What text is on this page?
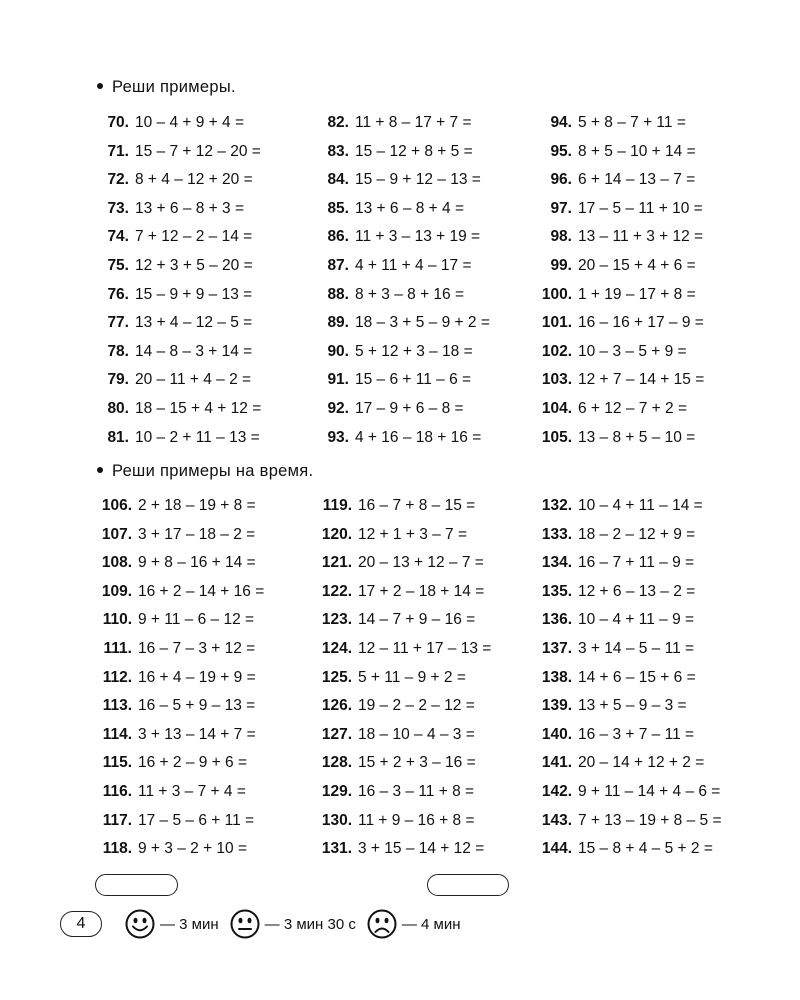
Реши примеры.
70. 10 – 4 + 9 + 4 =
71. 15 – 7 + 12 – 20 =
72. 8 + 4 – 12 + 20 =
73. 13 + 6 – 8 + 3 =
74. 7 + 12 – 2 – 14 =
75. 12 + 3 + 5 – 20 =
76. 15 – 9 + 9 – 13 =
77. 13 + 4 – 12 – 5 =
78. 14 – 8 – 3 + 14 =
79. 20 – 11 + 4 – 2 =
80. 18 – 15 + 4 + 12 =
81. 10 – 2 + 11 – 13 =
82. 11 + 8 – 17 + 7 =
83. 15 – 12 + 8 + 5 =
84. 15 – 9 + 12 – 13 =
85. 13 + 6 – 8 + 4 =
86. 11 + 3 – 13 + 19 =
87. 4 + 11 + 4 – 17 =
88. 8 + 3 – 8 + 16 =
89. 18 – 3 + 5 – 9 + 2 =
90. 5 + 12 + 3 – 18 =
91. 15 – 6 + 11 – 6 =
92. 17 – 9 + 6 – 8 =
93. 4 + 16 – 18 + 16 =
94. 5 + 8 – 7 + 11 =
95. 8 + 5 – 10 + 14 =
96. 6 + 14 – 13 – 7 =
97. 17 – 5 – 11 + 10 =
98. 13 – 11 + 3 + 12 =
99. 20 – 15 + 4 + 6 =
100. 1 + 19 – 17 + 8 =
101. 16 – 16 + 17 – 9 =
102. 10 – 3 – 5 + 9 =
103. 12 + 7 – 14 + 15 =
104. 6 + 12 – 7 + 2 =
105. 13 – 8 + 5 – 10 =
Реши примеры на время.
106. 2 + 18 – 19 + 8 =
107. 3 + 17 – 18 – 2 =
108. 9 + 8 – 16 + 14 =
109. 16 + 2 – 14 + 16 =
110. 9 + 11 – 6 – 12 =
111. 16 – 7 – 3 + 12 =
112. 16 + 4 – 19 + 9 =
113. 16 – 5 + 9 – 13 =
114. 3 + 13 – 14 + 7 =
115. 16 + 2 – 9 + 6 =
116. 11 + 3 – 7 + 4 =
117. 17 – 5 – 6 + 11 =
118. 9 + 3 – 2 + 10 =
119. 16 – 7 + 8 – 15 =
120. 12 + 1 + 3 – 7 =
121. 20 – 13 + 12 – 7 =
122. 17 + 2 – 18 + 14 =
123. 14 – 7 + 9 – 16 =
124. 12 – 11 + 17 – 13 =
125. 5 + 11 – 9 + 2 =
126. 19 – 2 – 2 – 12 =
127. 18 – 10 – 4 – 3 =
128. 15 + 2 + 3 – 16 =
129. 16 – 3 – 11 + 8 =
130. 11 + 9 – 16 + 8 =
131. 3 + 15 – 14 + 12 =
132. 10 – 4 + 11 – 14 =
133. 18 – 2 – 12 + 9 =
134. 16 – 7 + 11 – 9 =
135. 12 + 6 – 13 – 2 =
136. 10 – 4 + 11 – 9 =
137. 3 + 14 – 5 – 11 =
138. 14 + 6 – 15 + 6 =
139. 13 + 5 – 9 – 3 =
140. 16 – 3 + 7 – 11 =
141. 20 – 14 + 12 + 2 =
142. 9 + 11 – 14 + 4 – 6 =
143. 7 + 13 – 19 + 8 – 5 =
144. 15 – 8 + 4 – 5 + 2 =
4	— 3 мин	— 3 мин 30 с	— 4 мин
